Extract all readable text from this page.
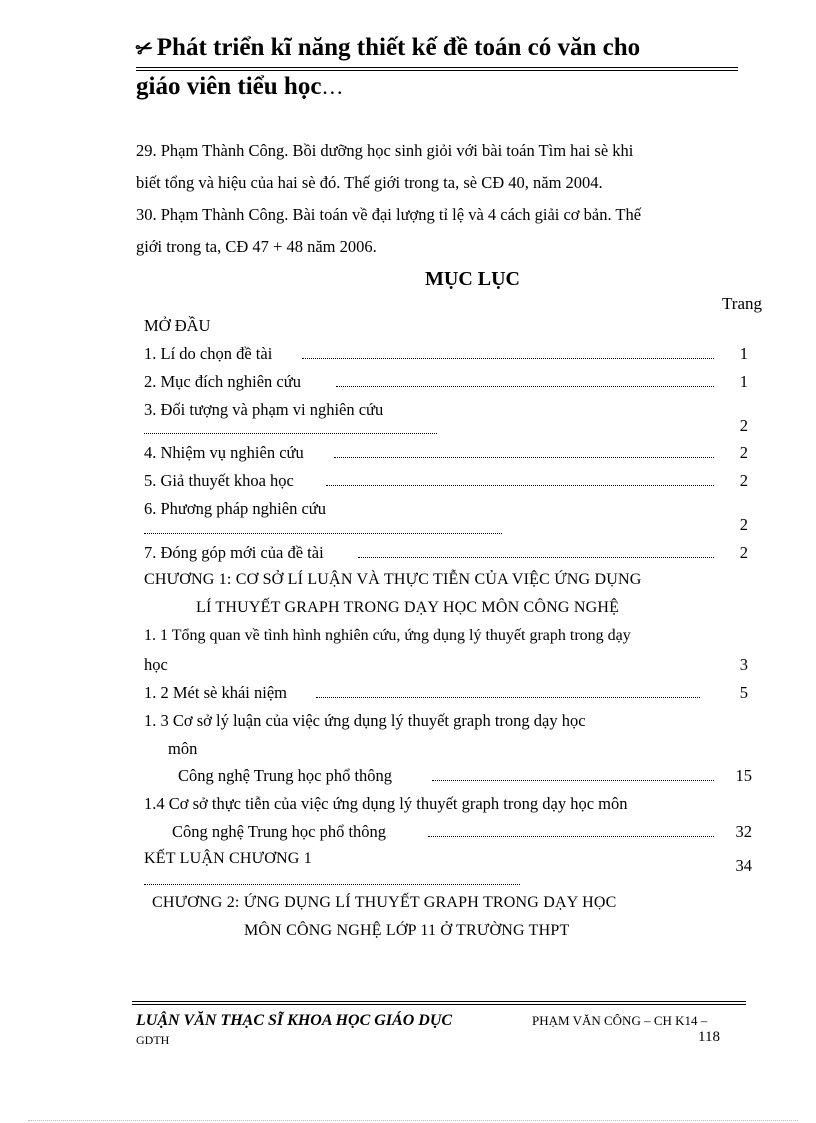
✂Phát triển kĩ năng thiết kế đề toán có văn cho
giáo viên tiểu học…
29. Phạm Thành Công. Bồi dưỡng học sinh giỏi với bài toán Tìm hai sè khi
biết tổng và hiệu của hai sè đó. Thế giới trong ta, sè CĐ 40, năm 2004.
30. Phạm Thành Công. Bài toán về đại lượng tỉ lệ và 4 cách giải cơ bản. Thế
giới trong ta, CĐ 47 + 48 năm 2006.
MỤC LỤC
Trang
MỞ ĐẦU
1. Lí do chọn đề tài	1
2. Mục đích nghiên cứu	1
3. Đối tượng và phạm vi nghiên cứu
2
4. Nhiệm vụ nghiên cứu	2
5. Giả thuyết khoa học	2
6. Phương pháp nghiên cứu
2
7. Đóng góp mới của đề tài	2
CHƯƠNG 1: CƠ SỞ LÍ LUẬN VÀ THỰC TIỄN CỦA VIỆC ỨNG DỤNG
LÍ THUYẾT GRAPH TRONG DẠY HỌC MÔN CÔNG NGHỆ
1. 1 Tổng quan về tình hình nghiên cứu, ứng dụng lý thuyết graph trong dạy
học	3
1. 2 Mét sè khái niệm	5
1. 3 Cơ sở lý luận của việc ứng dụng lý thuyết graph trong dạy học
môn
Công nghệ Trung học phổ thông	15
1.4 Cơ sở thực tiễn của việc ứng dụng lý thuyết graph trong dạy học môn
Công nghệ Trung học phổ thông	32
KẾT LUẬN CHƯƠNG 1	34
CHƯƠNG 2: ỨNG DỤNG LÍ THUYẾT GRAPH TRONG DẠY HỌC
MÔN CÔNG NGHỆ LỚP 11 Ở TRƯỜNG THPT
LUẬN VĂN THẠC SĨ KHOA HỌC GIÁO DỤC	PHẠM VĂN CÔNG – CH K14 –
GDTH	118
